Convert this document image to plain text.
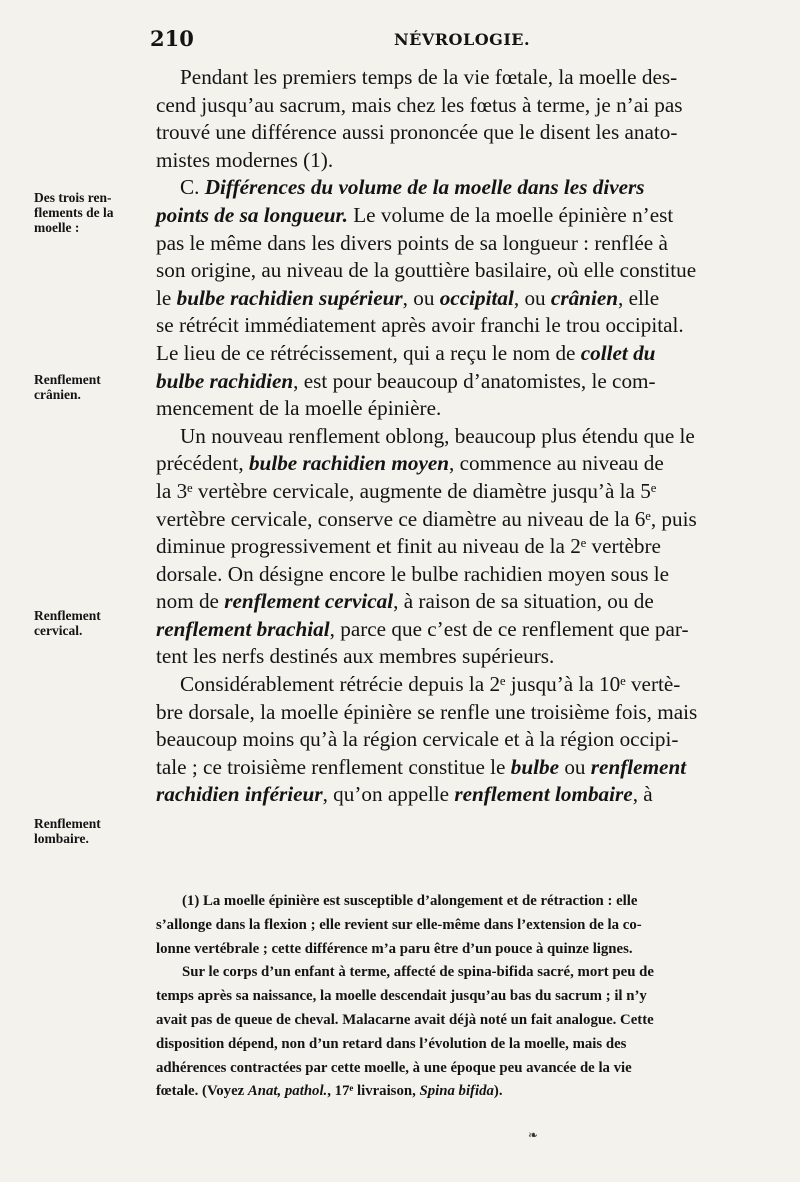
210	NÉVROLOGIE.
Des trois ren-
flements de la
moelle :
Renflement
crânien.
Renflement
cervical.
Renflement
lombaire.
Pendant les premiers temps de la vie fœtale, la moelle des-
cend jusqu’au sacrum, mais chez les fœtus à terme, je n’ai pas
trouvé une différence aussi prononcée que le disent les anato-
mistes modernes (1).
C. Différences du volume de la moelle dans les divers
points de sa longueur. Le volume de la moelle épinière n’est
pas le même dans les divers points de sa longueur : renflée à
son origine, au niveau de la gouttière basilaire, où elle constitue
le bulbe rachidien supérieur, ou occipital, ou crânien, elle
se rétrécit immédiatement après avoir franchi le trou occipital.
Le lieu de ce rétrécissement, qui a reçu le nom de collet du
bulbe rachidien, est pour beaucoup d’anatomistes, le com-
mencement de la moelle épinière.
Un nouveau renflement oblong, beaucoup plus étendu que le
précédent, bulbe rachidien moyen, commence au niveau de
la 3ᵉ vertèbre cervicale, augmente de diamètre jusqu’à la 5ᵉ
vertèbre cervicale, conserve ce diamètre au niveau de la 6ᵉ, puis
diminue progressivement et finit au niveau de la 2ᵉ vertèbre
dorsale. On désigne encore le bulbe rachidien moyen sous le
nom de renflement cervical, à raison de sa situation, ou de
renflement brachial, parce que c’est de ce renflement que par-
tent les nerfs destinés aux membres supérieurs.
Considérablement rétrécie depuis la 2ᵉ jusqu’à la 10ᵉ vertè-
bre dorsale, la moelle épinière se renfle une troisième fois, mais
beaucoup moins qu’à la région cervicale et à la région occipi-
tale ; ce troisième renflement constitue le bulbe ou renflement
rachidien inférieur, qu’on appelle renflement lombaire, à
(1) La moelle épinière est susceptible d’alongement et de rétraction : elle
s’allonge dans la flexion ; elle revient sur elle-même dans l’extension de la co-
lonne vertébrale ; cette différence m’a paru être d’un pouce à quinze lignes.
Sur le corps d’un enfant à terme, affecté de spina-bifida sacré, mort peu de
temps après sa naissance, la moelle descendait jusqu’au bas du sacrum ; il n’y
avait pas de queue de cheval. Malacarne avait déjà noté un fait analogue. Cette
disposition dépend, non d’un retard dans l’évolution de la moelle, mais des
adhérences contractées par cette moelle, à une époque peu avancée de la vie
fœtale. (Voyez Anat, pathol., 17ᵉ livraison, Spina bifida).
❧
